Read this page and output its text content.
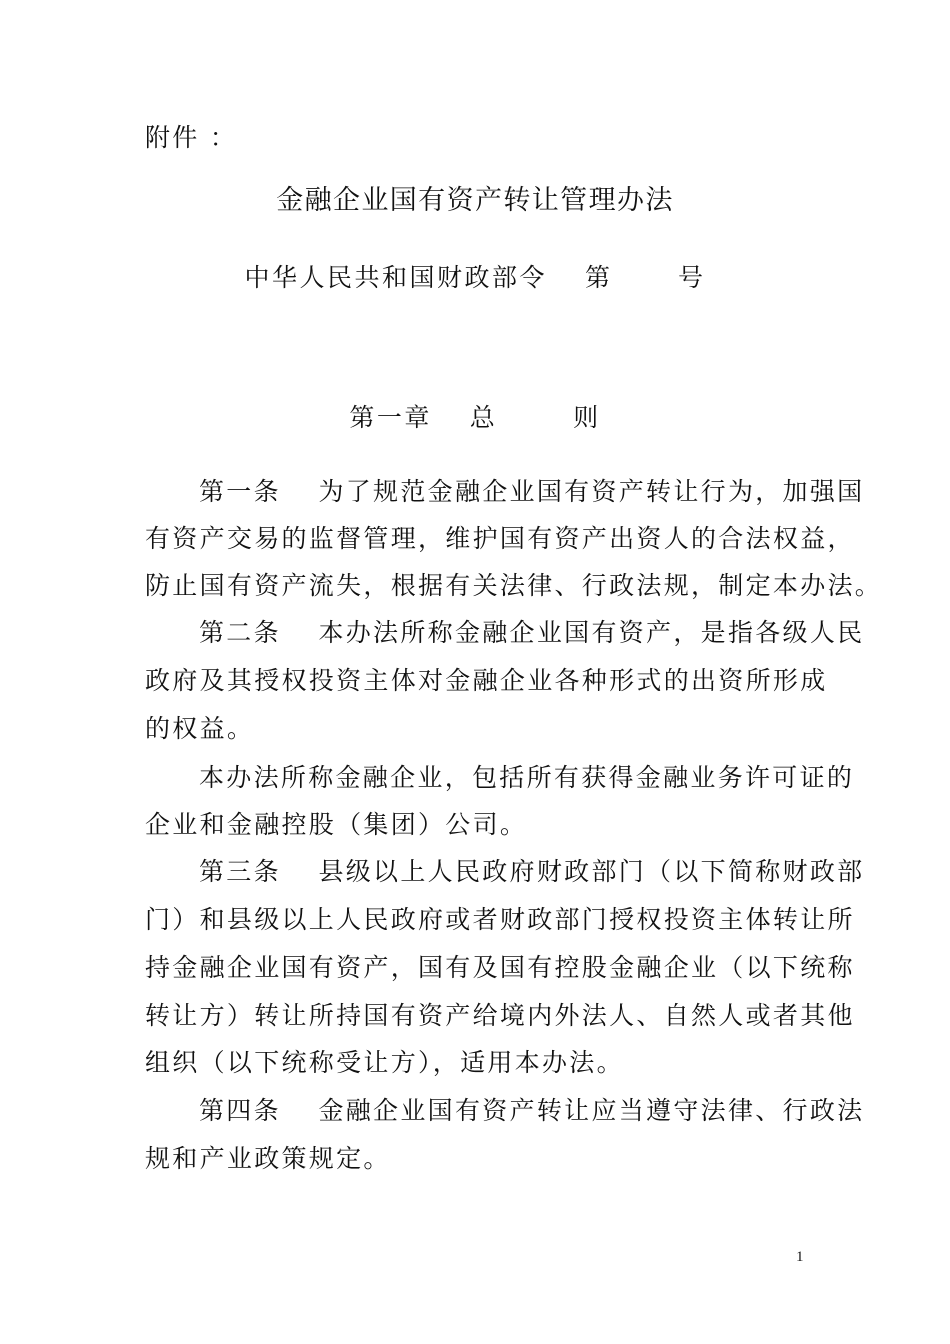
附件 ：
金融企业国有资产转让管理办法
中华人民共和国财政部令　 第　 　号
第一章　 总　 　 则
第一条　 为了规范金融企业国有资产转让行为，加强国
有资产交易的监督管理，维护国有资产出资人的合法权益，
防止国有资产流失，根据有关法律、行政法规，制定本办法。
第二条　 本办法所称金融企业国有资产，是指各级人民
政府及其授权投资主体对金融企业各种形式的出资所形成
的权益。
本办法所称金融企业，包括所有获得金融业务许可证的
企业和金融控股（集团）公司。
第三条　 县级以上人民政府财政部门（以下简称财政部
门）和县级以上人民政府或者财政部门授权投资主体转让所
持金融企业国有资产，国有及国有控股金融企业（以下统称
转让方）转让所持国有资产给境内外法人、自然人或者其他
组织（以下统称受让方），适用本办法。
第四条　 金融企业国有资产转让应当遵守法律、行政法
规和产业政策规定。
1
